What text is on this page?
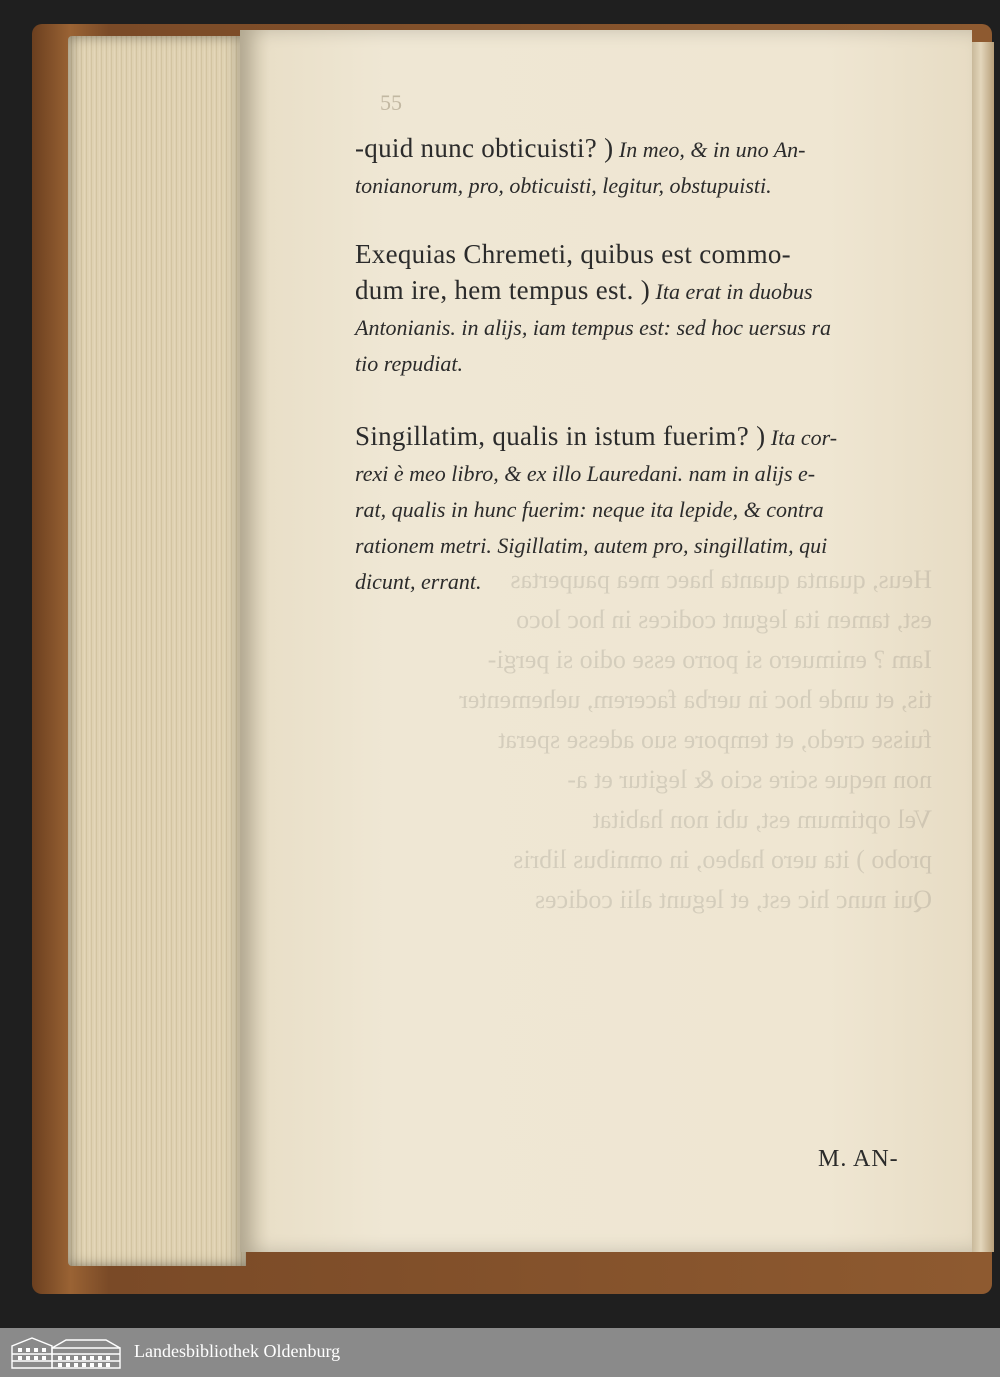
Heus, quanta quanta haec mea paupertas
est, tamen ita legunt codices in hoc loco
Iam ? enimuero si porro esse odio si pergi-
tis, et unde hoc in uerba facerem, uehementer
fuisse credo, et tempore suo adesse sperat
non neque scire scio & legitur et a-
Vel optimum est, ubi non habitat
probo ) ita uero habeo, in omnibus libris
Qui nunc hic est, et legunt alii codices
55
-quid nunc obticuisti? ) In meo, & in uno An-
tonianorum, pro, obticuisti, legitur, obstupuisti.
Exequias Chremeti, quibus est commo-
dum ire, hem tempus est. ) Ita erat in duobus
Antonianis. in alijs, iam tempus est: sed hoc uersus ra
tio repudiat.
Singillatim, qualis in istum fuerim? ) Ita cor-
rexi è meo libro, & ex illo Lauredani. nam in alijs e-
rat, qualis in hunc fuerim: neque ita lepide, & contra
rationem metri. Sigillatim, autem pro, singillatim, qui
dicunt, errant.
M. AN-
Landesbibliothek Oldenburg
